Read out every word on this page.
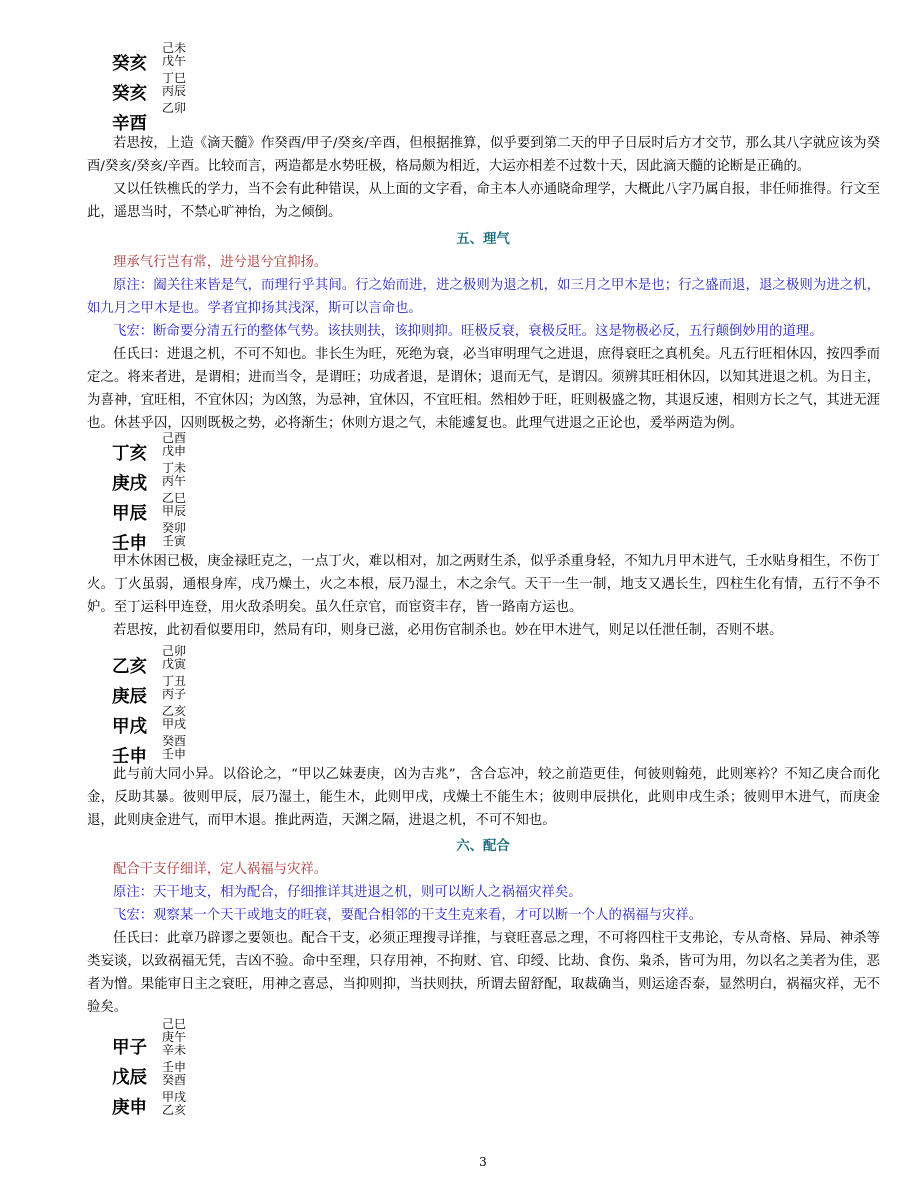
癸亥
癸亥
辛酉
己未
戊午
丁巳
丙辰
乙卯

若思按，上造《滴天髓》作癸酉/甲子/癸亥/辛酉，但根据推算，似乎要到第二天的甲子日辰时后方才交节，那么其八字就应该为癸酉/癸亥/癸亥/辛酉。比较而言，两造都是水势旺极，格局颇为相近，大运亦相差不过数十天，因此滴天髓的论断是正确的。

又以任铁樵氏的学力，当不会有此种错误，从上面的文字看，命主本人亦通晓命理学，大概此八字乃属自报，非任师推得。行文至此，遥思当时，不禁心旷神怡，为之倾倒。

五、理气

理承气行岂有常，进兮退兮宜抑扬。

原注：阖关往来皆是气，而理行乎其间。行之始而进，进之极则为退之机，如三月之甲木是也；行之盛而退，退之极则为进之机，如九月之甲木是也。学者宜抑扬其浅深，斯可以言命也。

飞宏：断命要分清五行的整体气势。该扶则扶，该抑则抑。旺极反衰，衰极反旺。这是物极必反，五行颠倒妙用的道理。

任氏曰：进退之机，不可不知也。非长生为旺，死绝为衰，必当审明理气之进退，庶得衰旺之真机矣。凡五行旺相休囚，按四季而定之。将来者进，是谓相；进而当令，是谓旺；功成者退，是谓休；退而无气，是谓囚。须辨其旺相休囚，以知其进退之机。为日主，为喜神，宜旺相，不宜休囚；为凶煞，为忌神，宜休囚，不宜旺相。然相妙于旺，旺则极盛之物，其退反速，相则方长之气，其进无涯也。休甚乎囚，囚则既极之势，必将渐生；休则方退之气，未能遽复也。此理气进退之正论也，爰举两造为例。

丁亥
庚戌
甲辰
壬申
己酉
戊申
丁未
丙午
乙巳
甲辰
癸卯
壬寅

甲木休困已极，庚金禄旺克之，一点丁火，难以相对，加之两财生杀，似乎杀重身轻，不知九月甲木进气，壬水贴身相生，不伤丁火。丁火虽弱，通根身库，戌乃燥土，火之本根，辰乃湿土，木之余气。天干一生一制，地支又遇长生，四柱生化有情，五行不争不妒。至丁运科甲连登，用火敌杀明矣。虽久任京官，而宦资丰存，皆一路南方运也。

若思按，此初看似要用印，然局有印，则身已滋，必用伤官制杀也。妙在甲木进气，则足以任泄任制，否则不堪。

乙亥
庚辰
甲戌
壬申
己卯
戊寅
丁丑
丙子
乙亥
甲戌
癸酉
壬申

此与前大同小异。以俗论之，“甲以乙妹妻庚，凶为吉兆”，含合忘冲，较之前造更佳，何彼则翰苑，此则寒衿？不知乙庚合而化金，反助其暴。彼则甲辰，辰乃湿土，能生木，此则甲戌，戌燥土不能生木；彼则申辰拱化，此则申戌生杀；彼则甲木进气，而庚金退，此则庚金进气，而甲木退。推此两造，天渊之隔，进退之机，不可不知也。

六、配合

配合干支仔细详，定人祸福与灾祥。

原注：天干地支，相为配合，仔细推详其进退之机，则可以断人之祸福灾祥矣。

飞宏：观察某一个天干或地支的旺衰，要配合相邻的干支生克来看，才可以断一个人的祸福与灾祥。

任氏曰：此章乃辟谬之要领也。配合干支，必须正理搜寻详推，与衰旺喜忌之理，不可将四柱干支弗论，专从奇格、异局、神杀等类妄谈，以致祸福无凭，吉凶不验。命中至理，只存用神，不拘财、官、印绶、比劫、食伤、枭杀，皆可为用，勿以名之美者为佳，恶者为憎。果能审日主之衰旺，用神之喜忌，当抑则抑，当扶则扶，所谓去留舒配，取裁确当，则运途否泰，显然明白，祸福灾祥，无不验矣。

甲子
戊辰
庚申
己巳
庚午
辛未
壬申
癸酉
甲戌
乙亥

3
